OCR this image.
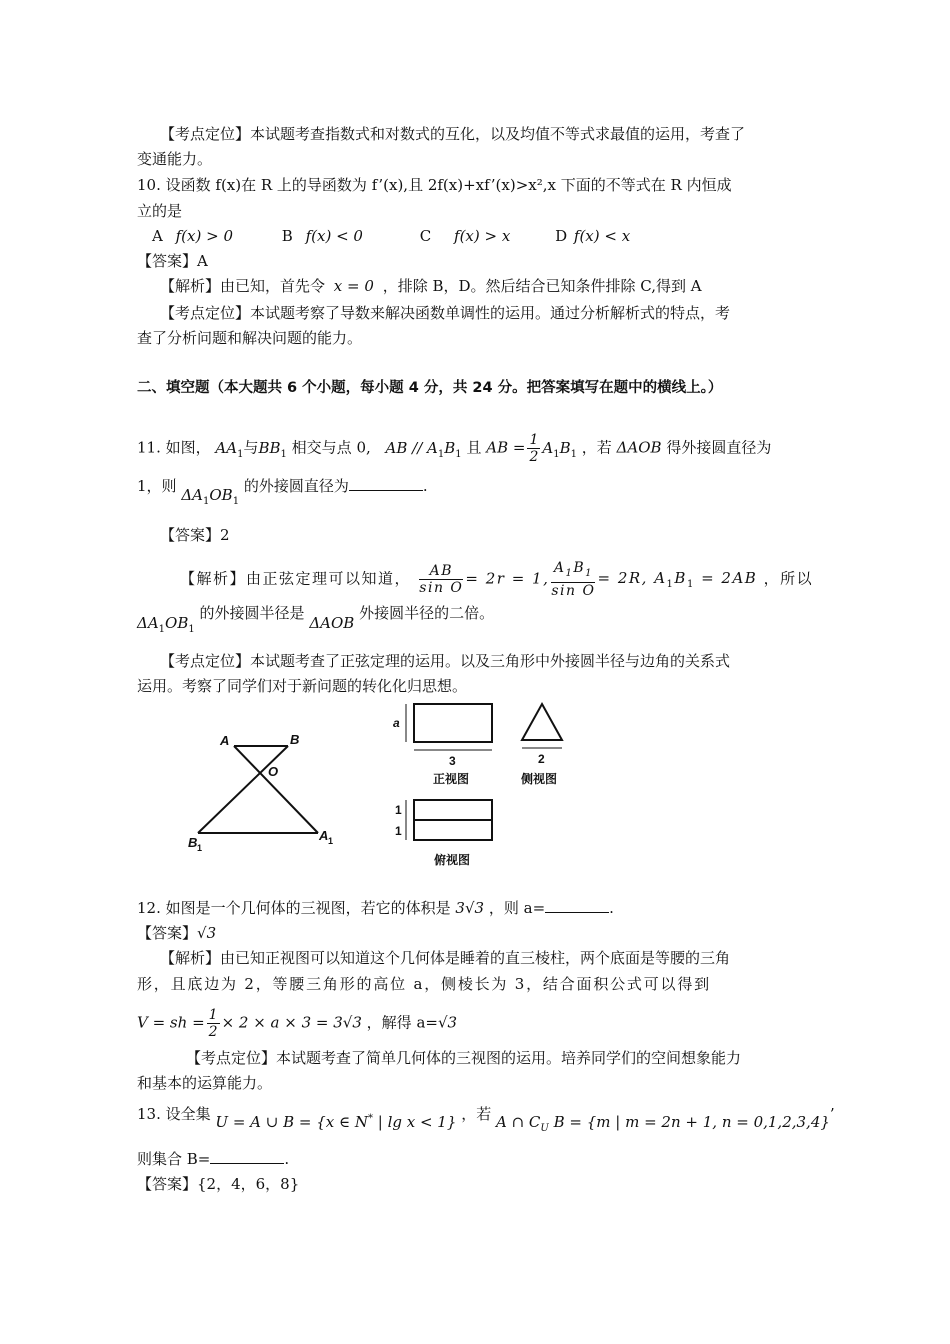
【考点定位】本试题考查指数式和对数式的互化，以及均值不等式求最值的运用，考查了
变通能力。
10. 设函数 f(x)在 R 上的导函数为 f’(x),且 2f(x)+xf’(x)>x²,x 下面的不等式在 R 内恒成
立的是
A f(x) > 0	B f(x) < 0	C f(x) > x	D f(x) < x
【答案】A
【解析】由已知，首先令 x = 0 ，排除 B，D。然后结合已知条件排除 C,得到 A
【考点定位】本试题考察了导数来解决函数单调性的运用。通过分析解析式的特点，考
查了分析问题和解决问题的能力。
二、填空题（本大题共 6 个小题，每小题 4 分，共 24 分。把答案填写在题中的横线上。）
11. 如图， $AA_1$与$BB_1$ 相交与点 0, AB // $A_1B_1$ 且 AB = $\frac{1}{2} A_1B_1$ ，若 ΔAOB 得外接圆直径为
1，则 $\Delta A_1OB_1$ 的外接圆直径为	.
【答案】2
【解析】由正弦定理可以知道， $\frac{AB}{\text{sin O}} = 2r = 1$, $\frac{A_1B_1}{\text{sin O}} = 2R$, $A_1B_1 = 2AB$ ，所以
$\Delta A_1OB_1$ 的外接圆半径是 ΔAOB 外接圆半径的二倍。
【考点定位】本试题考查了正弦定理的运用。以及三角形中外接圆半径与边角的关系式
运用。考察了同学们对于新问题的转化化归思想。
A	B
O
B 1
A 1
a
3
正视图
2
侧视图
1
1
俯视图
12. 如图是一个几何体的三视图，若它的体积是 3√3 ，则 a=	.
【答案】√3
【解析】由已知正视图可以知道这个几何体是睡着的直三棱柱，两个底面是等腰的三角
形，且底边为 2，等腰三角形的高位 a，侧棱长为 3，结合面积公式可以得到
V = sh = $\frac{1}{2} \times 2 \times a \times 3 = 3√3$ ，解得 a=√3
【考点定位】本试题考查了简单几何体的三视图的运用。培养同学们的空间想象能力
和基本的运算能力。
13. 设全集 U = A ∪ B = {x ∈ N* | lg x < 1} ，若 A ∩ $C_U$ B = {m | m = 2n + 1, n = 0,1,2,3,4}’
则集合 B=	.
【答案】{2，4，6，8}
